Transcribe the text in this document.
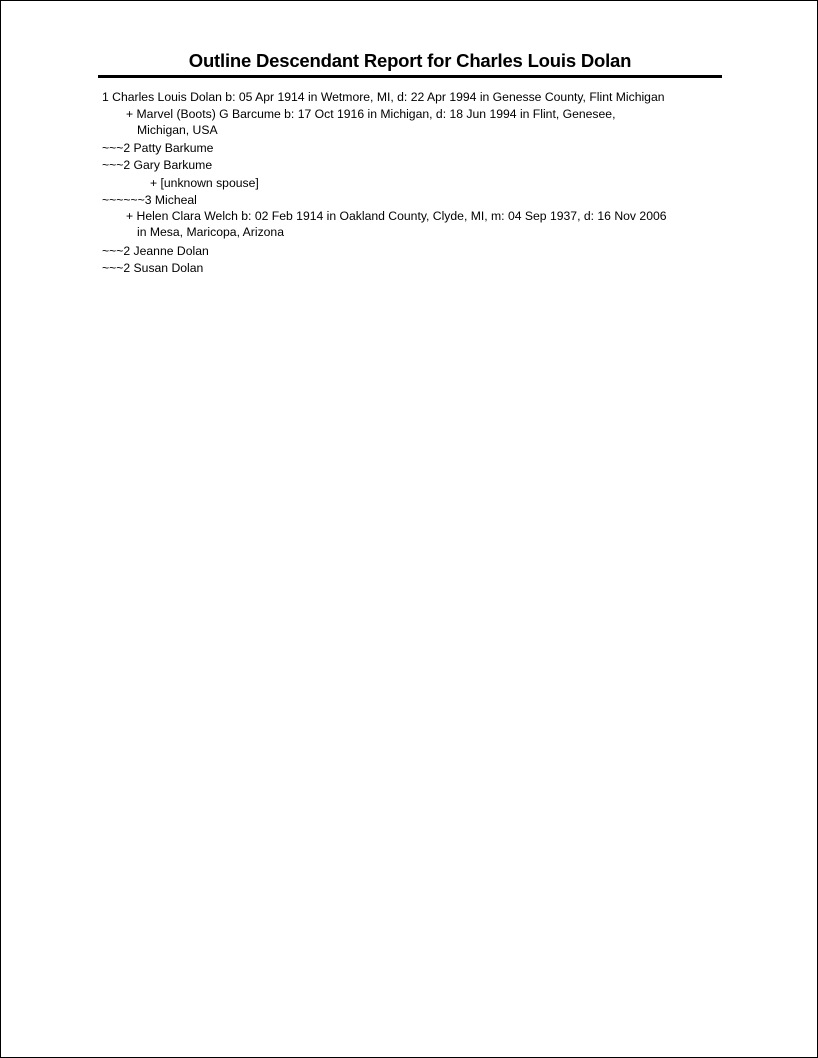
Outline Descendant Report for Charles Louis Dolan
1 Charles Louis Dolan b: 05 Apr 1914 in Wetmore, MI, d: 22 Apr 1994 in Genesse County, Flint Michigan
+ Marvel (Boots) G Barcume b: 17 Oct 1916 in Michigan, d: 18 Jun 1994 in Flint, Genesee,
Michigan, USA
~~~2 Patty Barkume
~~~2 Gary Barkume
+ [unknown spouse]
~~~~~~3 Micheal
+ Helen Clara Welch b: 02 Feb 1914 in Oakland County, Clyde, MI, m: 04 Sep 1937, d: 16 Nov 2006
in Mesa, Maricopa, Arizona
~~~2 Jeanne Dolan
~~~2 Susan Dolan
